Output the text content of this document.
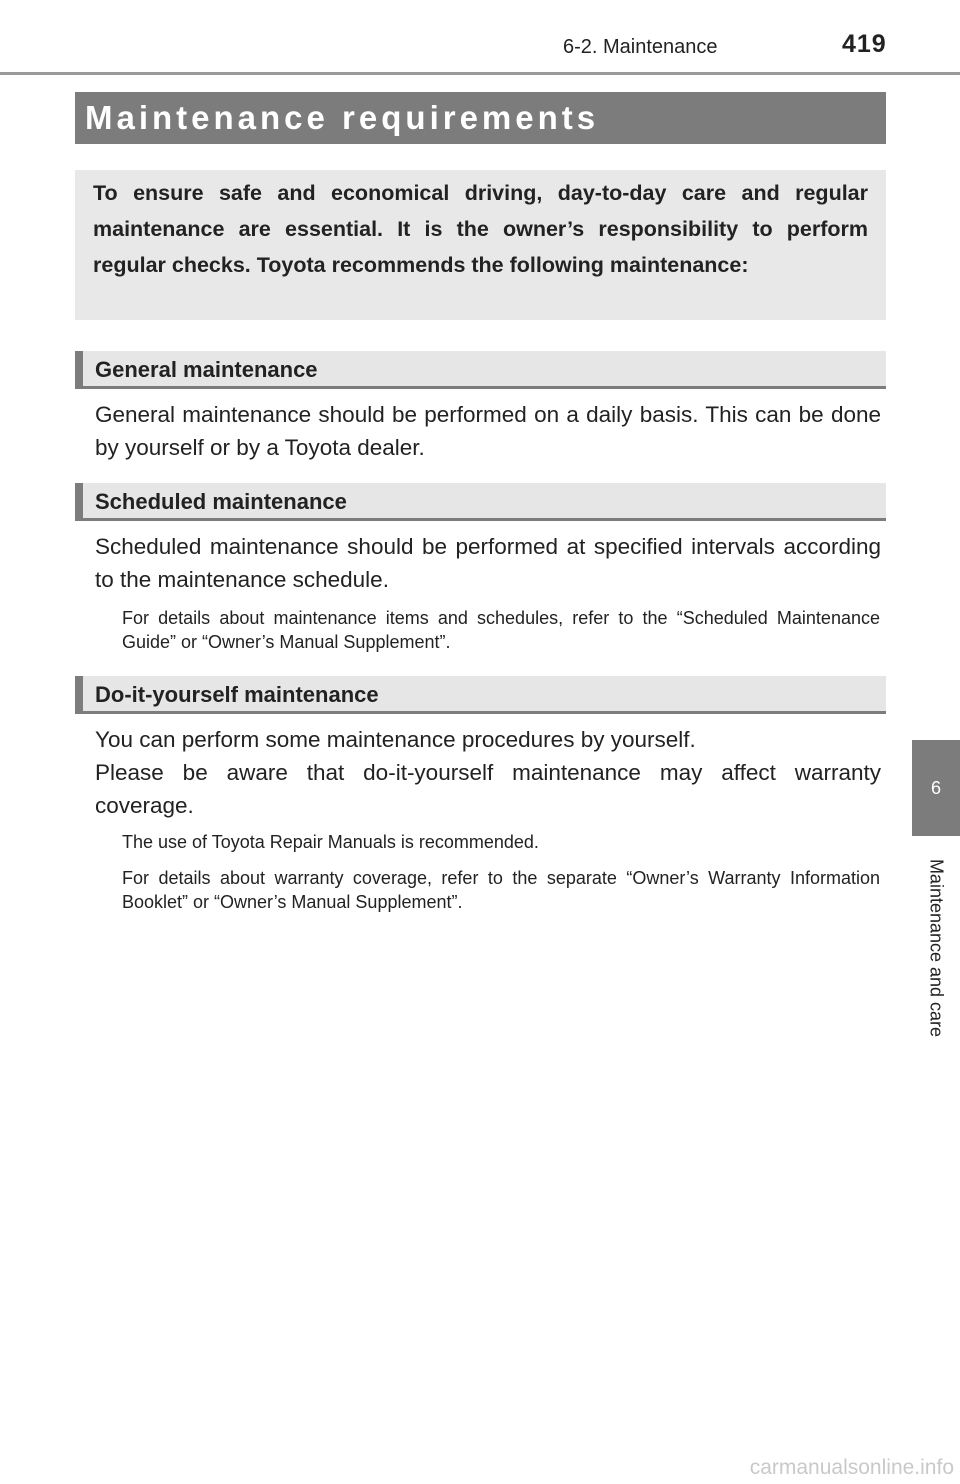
6-2. Maintenance	419
Maintenance requirements
To ensure safe and economical driving, day-to-day care and regular maintenance are essential. It is the owner’s responsibility to perform regular checks. Toyota recommends the following maintenance:
General maintenance
General maintenance should be performed on a daily basis. This can be done by yourself or by a Toyota dealer.
Scheduled maintenance
Scheduled maintenance should be performed at specified intervals according to the maintenance schedule.
For details about maintenance items and schedules, refer to the “Scheduled Maintenance Guide” or “Owner’s Manual Supplement”.
Do-it-yourself maintenance
You can perform some maintenance procedures by yourself.
Please be aware that do-it-yourself maintenance may affect warranty coverage.
The use of Toyota Repair Manuals is recommended.
For details about warranty coverage, refer to the separate “Owner’s Warranty Information Booklet” or “Owner’s Manual Supplement”.
6
Maintenance and care
carmanualsonline.info
